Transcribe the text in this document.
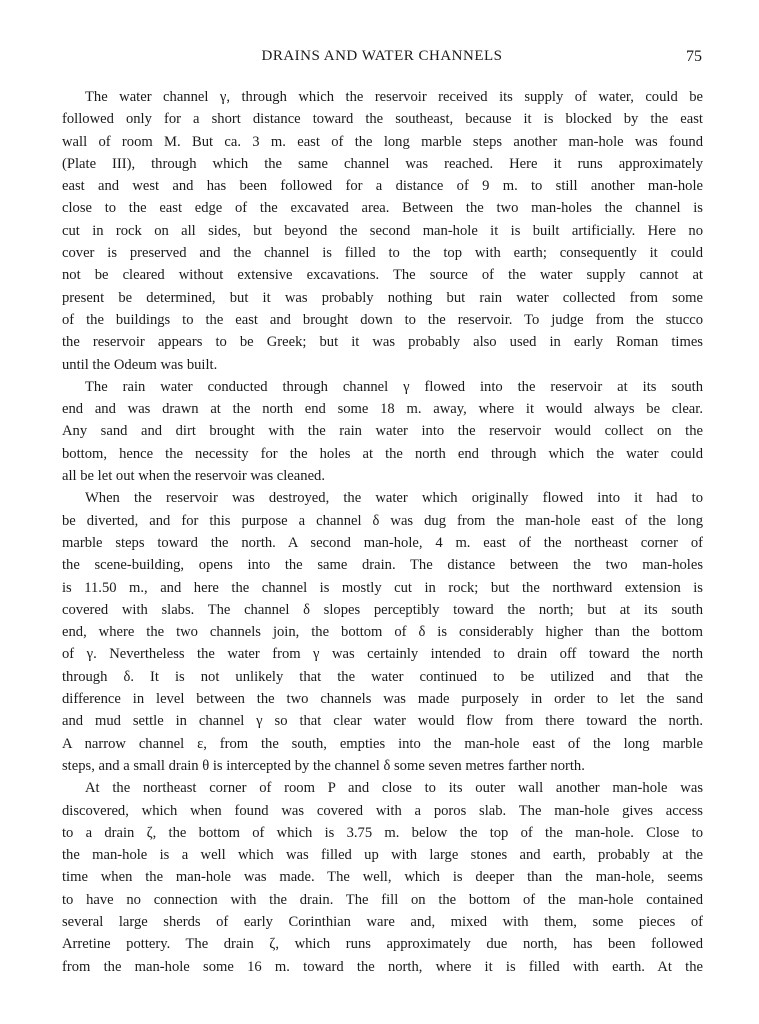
DRAINS AND WATER CHANNELS	75
The water channel γ, through which the reservoir received its supply of water, could be
followed only for a short distance toward the southeast, because it is blocked by the east
wall of room M. But ca. 3 m. east of the long marble steps another man-hole was found
(Plate III), through which the same channel was reached. Here it runs approximately
east and west and has been followed for a distance of 9 m. to still another man-hole
close to the east edge of the excavated area. Between the two man-holes the channel is
cut in rock on all sides, but beyond the second man-hole it is built artificially. Here no
cover is preserved and the channel is filled to the top with earth; consequently it could
not be cleared without extensive excavations. The source of the water supply cannot at
present be determined, but it was probably nothing but rain water collected from some
of the buildings to the east and brought down to the reservoir. To judge from the stucco
the reservoir appears to be Greek; but it was probably also used in early Roman times
until the Odeum was built.
The rain water conducted through channel γ flowed into the reservoir at its south
end and was drawn at the north end some 18 m. away, where it would always be clear.
Any sand and dirt brought with the rain water into the reservoir would collect on the
bottom, hence the necessity for the holes at the north end through which the water could
all be let out when the reservoir was cleaned.
When the reservoir was destroyed, the water which originally flowed into it had to
be diverted, and for this purpose a channel δ was dug from the man-hole east of the long
marble steps toward the north. A second man-hole, 4 m. east of the northeast corner of
the scene-building, opens into the same drain. The distance between the two man-holes
is 11.50 m., and here the channel is mostly cut in rock; but the northward extension is
covered with slabs. The channel δ slopes perceptibly toward the north; but at its south
end, where the two channels join, the bottom of δ is considerably higher than the bottom
of γ. Nevertheless the water from γ was certainly intended to drain off toward the north
through δ. It is not unlikely that the water continued to be utilized and that the
difference in level between the two channels was made purposely in order to let the sand
and mud settle in channel γ so that clear water would flow from there toward the north.
A narrow channel ε, from the south, empties into the man-hole east of the long marble
steps, and a small drain θ is intercepted by the channel δ some seven metres farther north.
At the northeast corner of room P and close to its outer wall another man-hole was
discovered, which when found was covered with a poros slab. The man-hole gives access
to a drain ζ, the bottom of which is 3.75 m. below the top of the man-hole. Close to
the man-hole is a well which was filled up with large stones and earth, probably at the
time when the man-hole was made. The well, which is deeper than the man-hole, seems
to have no connection with the drain. The fill on the bottom of the man-hole contained
several large sherds of early Corinthian ware and, mixed with them, some pieces of
Arretine pottery. The drain ζ, which runs approximately due north, has been followed
from the man-hole some 16 m. toward the north, where it is filled with earth. At the
